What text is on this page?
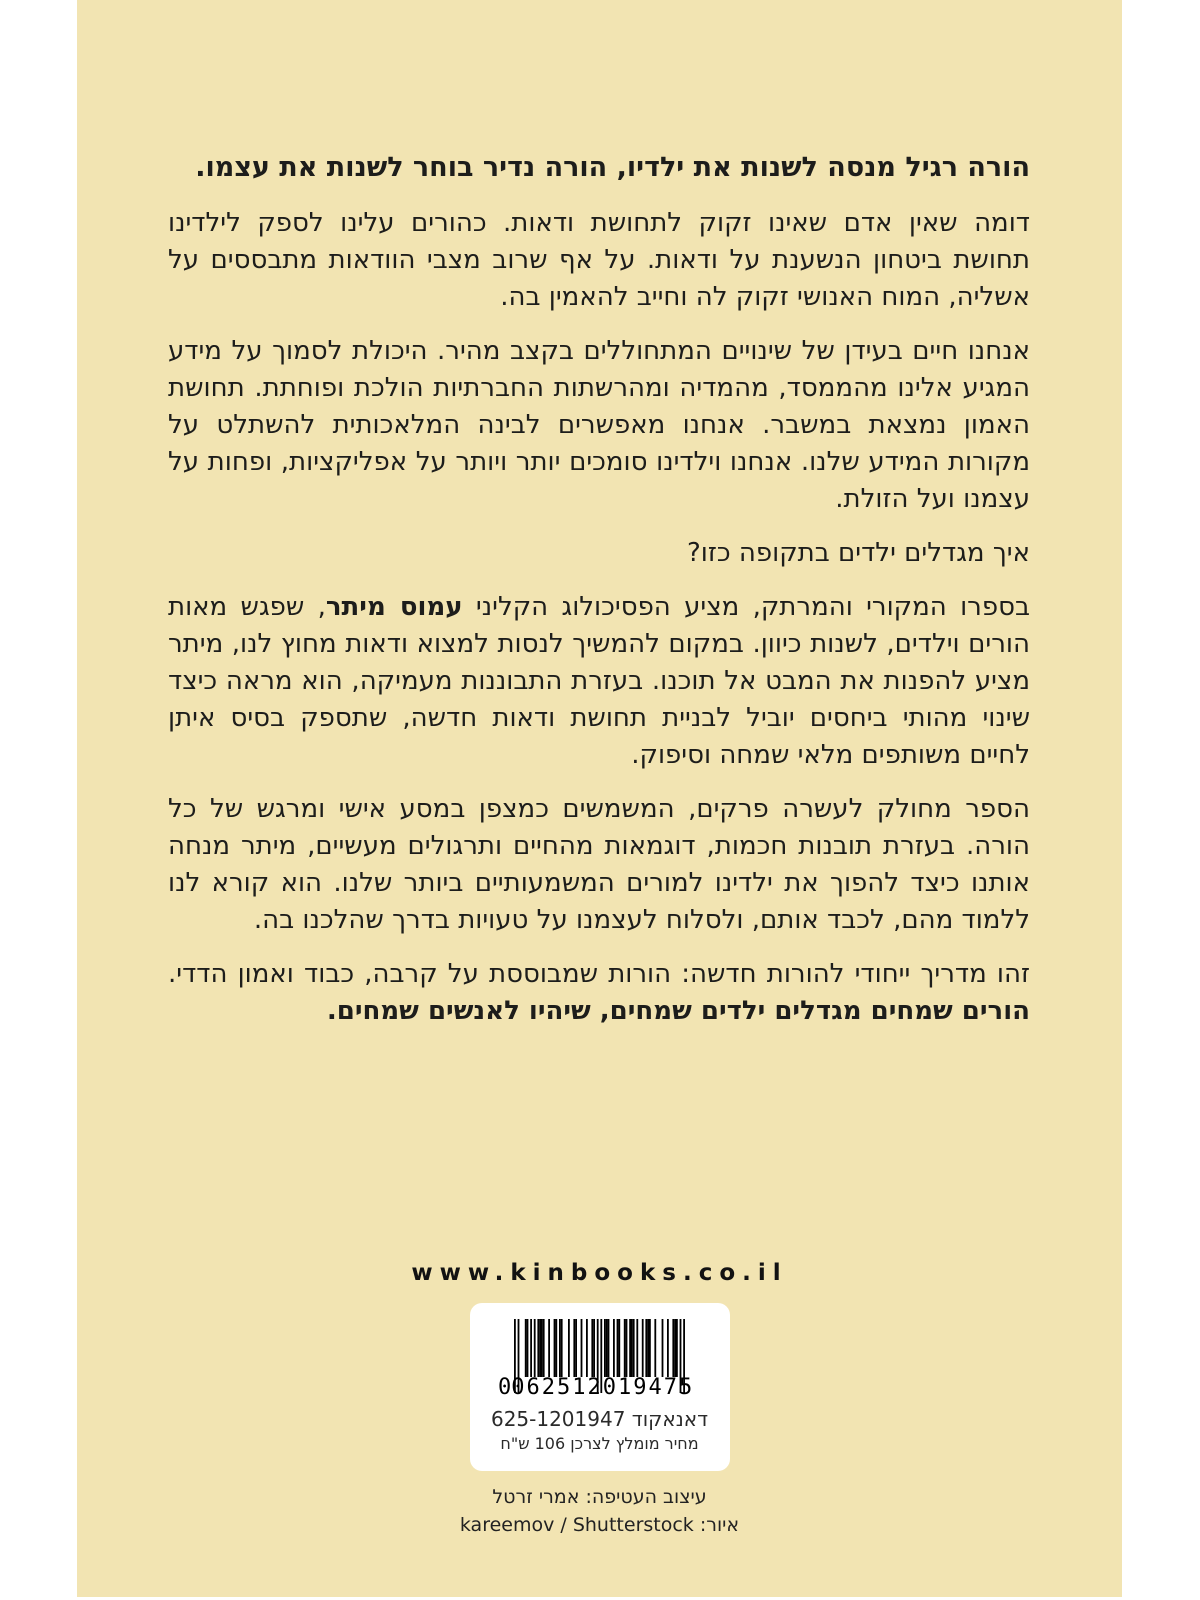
הורה רגיל מנסה לשנות את ילדיו, הורה נדיר בוחר לשנות את עצמו.

דומה שאין אדם שאינו זקוק לתחושת ודאות. כהורים עלינו לספק לילדינו תחושת ביטחון הנשענת על ודאות. על אף שרוב מצבי הוודאות מתבססים על אשליה, המוח האנושי זקוק לה וחייב להאמין בה.

אנחנו חיים בעידן של שינויים המתחוללים בקצב מהיר. היכולת לסמוך על מידע המגיע אלינו מהממסד, מהמדיה ומהרשתות החברתיות הולכת ופוחתת. תחושת האמון נמצאת במשבר. אנחנו מאפשרים לבינה המלאכותית להשתלט על מקורות המידע שלנו. אנחנו וילדינו סומכים יותר ויותר על אפליקציות, ופחות על עצמנו ועל הזולת.

איך מגדלים ילדים בתקופה כזו?

בספרו המקורי והמרתק, מציע הפסיכולוג הקליני עמוס מיתר, שפגש מאות הורים וילדים, לשנות כיוון. במקום להמשיך לנסות למצוא ודאות מחוץ לנו, מיתר מציע להפנות את המבט אל תוכנו. בעזרת התבוננות מעמיקה, הוא מראה כיצד שינוי מהותי ביחסים יוביל לבניית תחושת ודאות חדשה, שתספק בסיס איתן לחיים משותפים מלאי שמחה וסיפוק.

הספר מחולק לעשרה פרקים, המשמשים כמצפן במסע אישי ומרגש של כל הורה. בעזרת תובנות חכמות, דוגמאות מהחיים ותרגולים מעשיים, מיתר מנחה אותנו כיצד להפוך את ילדינו למורים המשמעותיים ביותר שלנו. הוא קורא לנו ללמוד מהם, לכבד אותם, ולסלוח לעצמנו על טעויות בדרך שהלכנו בה.

זהו מדריך ייחודי להורות חדשה: הורות שמבוססת על קרבה, כבוד ואמון הדדי. הורים שמחים מגדלים ילדים שמחים, שיהיו לאנשים שמחים.

www.kinbooks.co.il
0 062512 019475
דאנאקוד 625-1201947
מחיר מומלץ לצרכן 106 ש"ח
עיצוב העטיפה: אמרי זרטל
איור: kareemov / Shutterstock
